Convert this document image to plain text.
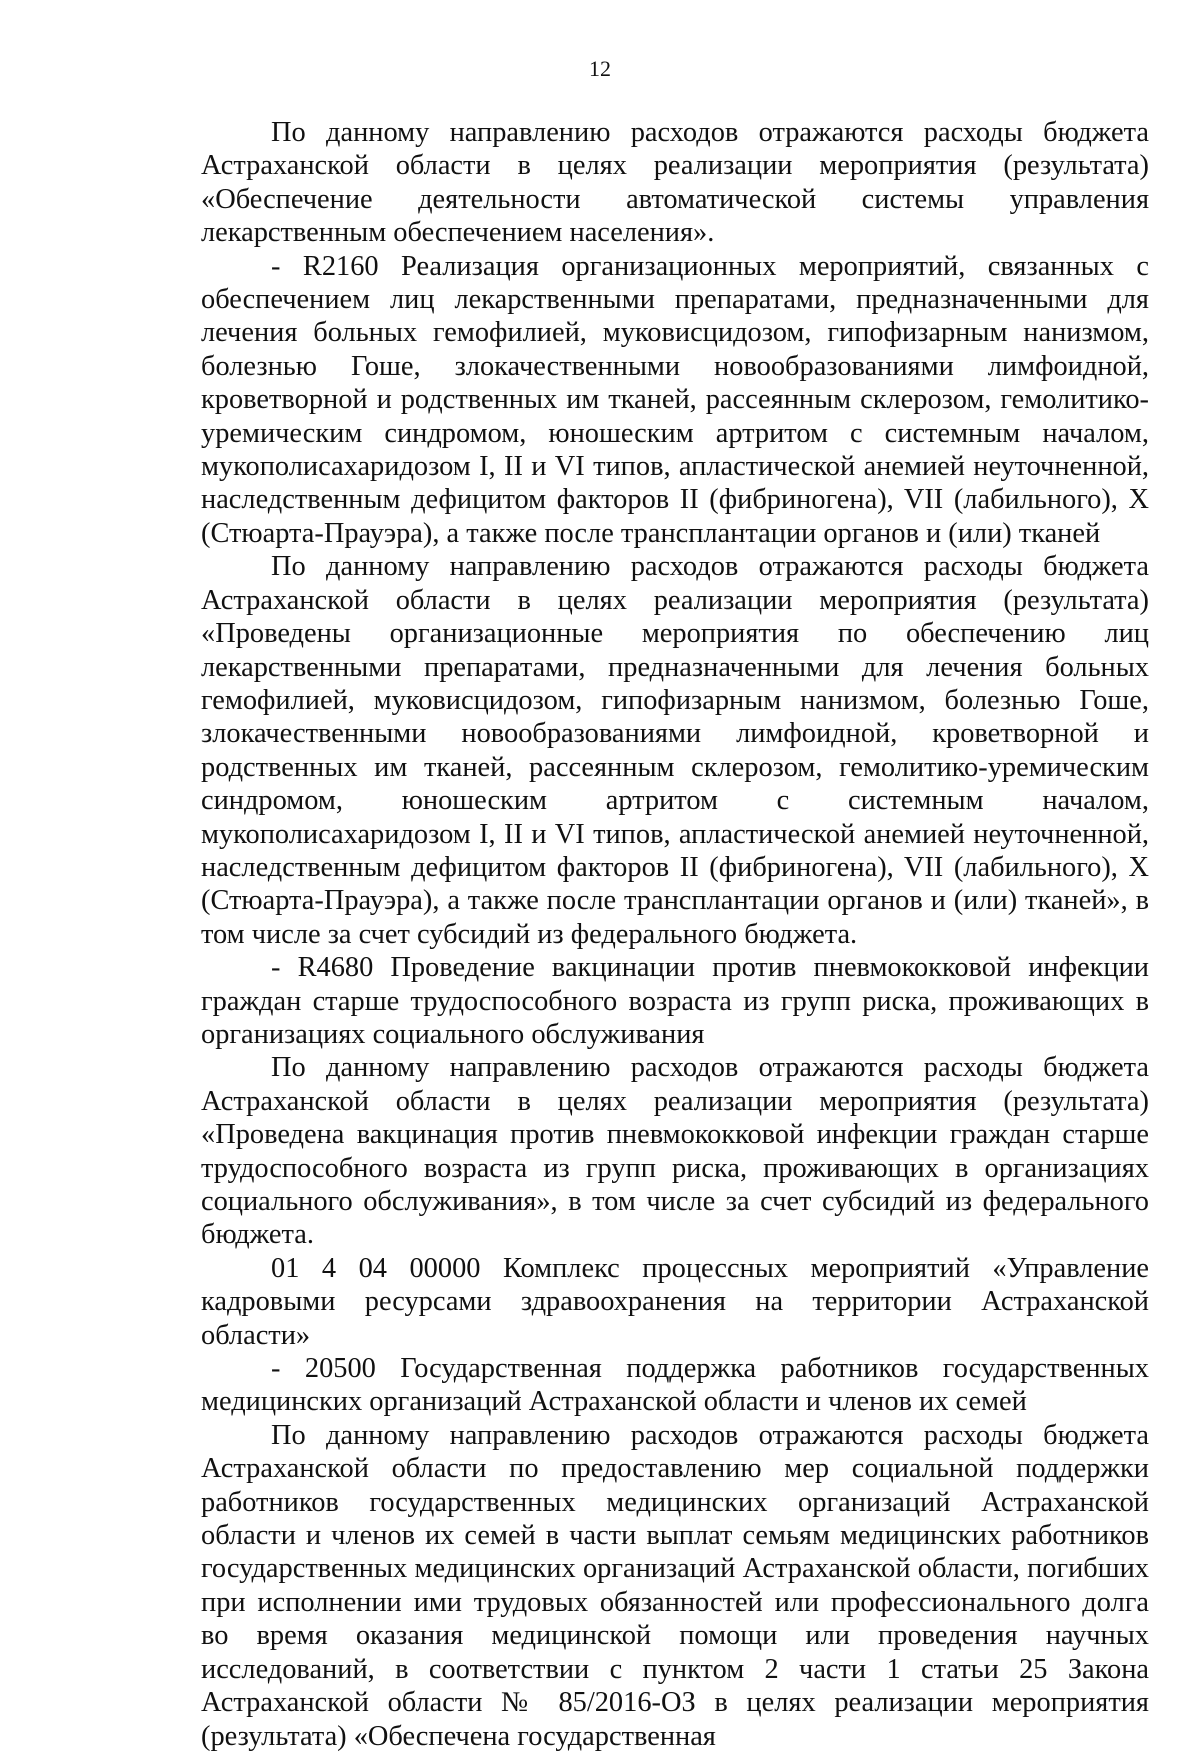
12

По данному направлению расходов отражаются расходы бюджета Астраханской области в целях реализации мероприятия (результата) «Обеспечение деятельности автоматической системы управления лекарственным обеспечением населения».

- R2160 Реализация организационных мероприятий, связанных с обеспечением лиц лекарственными препаратами, предназначенными для лечения больных гемофилией, муковисцидозом, гипофизарным нанизмом, болезнью Гоше, злокачественными новообразованиями лимфоидной, кроветворной и родственных им тканей, рассеянным склерозом, гемолитико-уремическим синдромом, юношеским артритом с системным началом, мукополисахаридозом I, II и VI типов, апластической анемией неуточненной, наследственным дефицитом факторов II (фибриногена), VII (лабильного), X (Стюарта-Прауэра), а также после трансплантации органов и (или) тканей

По данному направлению расходов отражаются расходы бюджета Астраханской области в целях реализации мероприятия (результата) «Проведены организационные мероприятия по обеспечению лиц лекарственными препаратами, предназначенными для лечения больных гемофилией, муковисцидозом, гипофизарным нанизмом, болезнью Гоше, злокачественными новообразованиями лимфоидной, кроветворной и родственных им тканей, рассеянным склерозом, гемолитико-уремическим синдромом, юношеским артритом с системным началом, мукополисахаридозом I, II и VI типов, апластической анемией неуточненной, наследственным дефицитом факторов II (фибриногена), VII (лабильного), X (Стюарта-Прауэра), а также после трансплантации органов и (или) тканей», в том числе за счет субсидий из федерального бюджета.

- R4680 Проведение вакцинации против пневмококковой инфекции граждан старше трудоспособного возраста из групп риска, проживающих в организациях социального обслуживания

По данному направлению расходов отражаются расходы бюджета Астраханской области в целях реализации мероприятия (результата) «Проведена вакцинация против пневмококковой инфекции граждан старше трудоспособного возраста из групп риска, проживающих в организациях социального обслуживания», в том числе за счет субсидий из федерального бюджета.

01 4 04 00000 Комплекс процессных мероприятий «Управление кадровыми ресурсами здравоохранения на территории Астраханской области»

- 20500 Государственная поддержка работников государственных медицинских организаций Астраханской области и членов их семей

По данному направлению расходов отражаются расходы бюджета Астраханской области по предоставлению мер социальной поддержки работников государственных медицинских организаций Астраханской области и членов их семей в части выплат семьям медицинских работников государственных медицинских организаций Астраханской области, погибших при исполнении ими трудовых обязанностей или профессионального долга во время оказания медицинской помощи или проведения научных исследований, в соответствии с пунктом 2 части 1 статьи 25 Закона Астраханской области № 85/2016-ОЗ в целях реализации мероприятия (результата) «Обеспечена государственная
